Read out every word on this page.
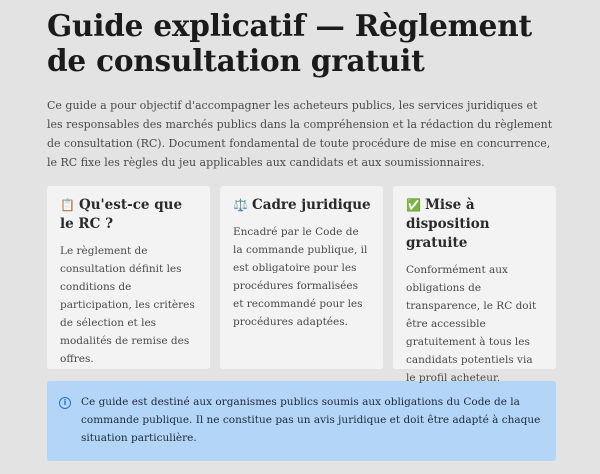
Guide explicatif — Règlement de consultation gratuit

Ce guide a pour objectif d'accompagner les acheteurs publics, les services juridiques et les responsables des marchés publics dans la compréhension et la rédaction du règlement de consultation (RC). Document fondamental de toute procédure de mise en concurrence, le RC fixe les règles du jeu applicables aux candidats et aux soumissionnaires.

📋 Qu'est-ce que le RC ?

Le règlement de consultation définit les conditions de participation, les critères de sélection et les modalités de remise des offres.

⚖️ Cadre juridique

Encadré par le Code de la commande publique, il est obligatoire pour les procédures formalisées et recommandé pour les procédures adaptées.

✅ Mise à disposition gratuite

Conformément aux obligations de transparence, le RC doit être accessible gratuitement à tous les candidats potentiels via le profil acheteur.

i	Ce guide est destiné aux organismes publics soumis aux obligations du Code de la commande publique. Il ne constitue pas un avis juridique et doit être adapté à chaque situation particulière.
